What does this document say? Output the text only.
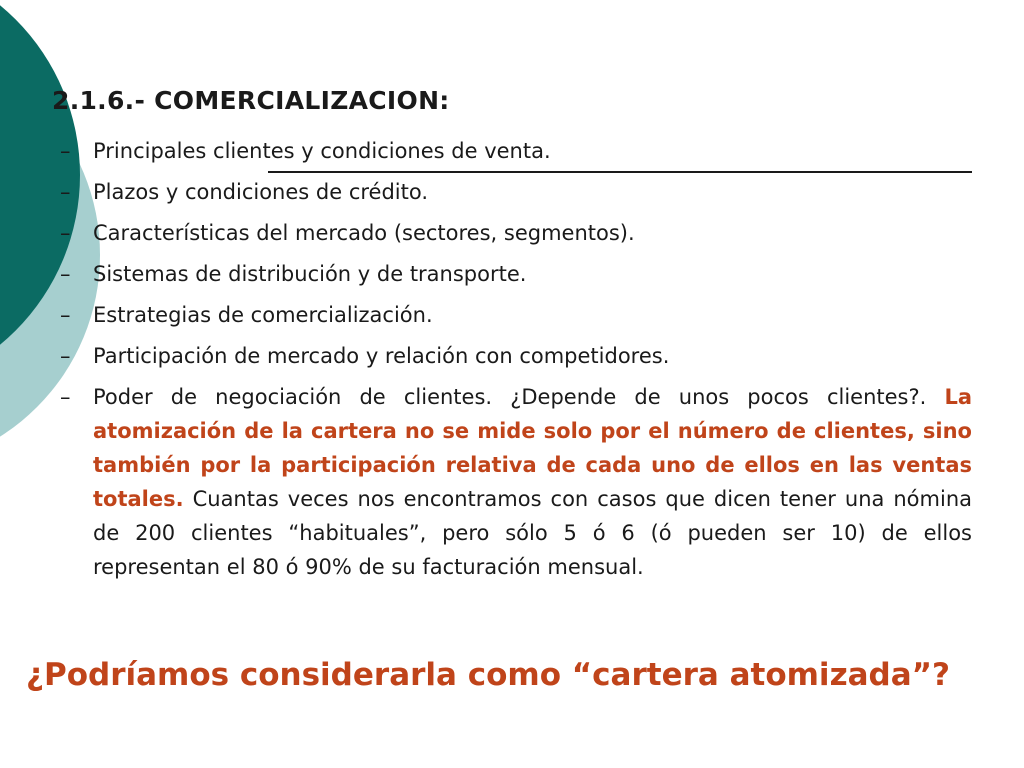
2.1.6.- COMERCIALIZACION:
– Principales clientes y condiciones de venta.
– Plazos y condiciones de crédito.
– Características del mercado (sectores, segmentos).
– Sistemas de distribución y de transporte.
– Estrategias de comercialización.
– Participación de mercado y relación con competidores.
– Poder de negociación de clientes. ¿Depende de unos pocos clientes?. La atomización de la cartera no se mide solo por el número de clientes, sino también por la participación relativa de cada uno de ellos en las ventas totales. Cuantas veces nos encontramos con casos que dicen tener una nómina de 200 clientes “habituales”, pero sólo 5 ó 6 (ó pueden ser 10) de ellos representan el 80 ó 90% de su facturación mensual.
¿Podríamos considerarla como “cartera atomizada”?
